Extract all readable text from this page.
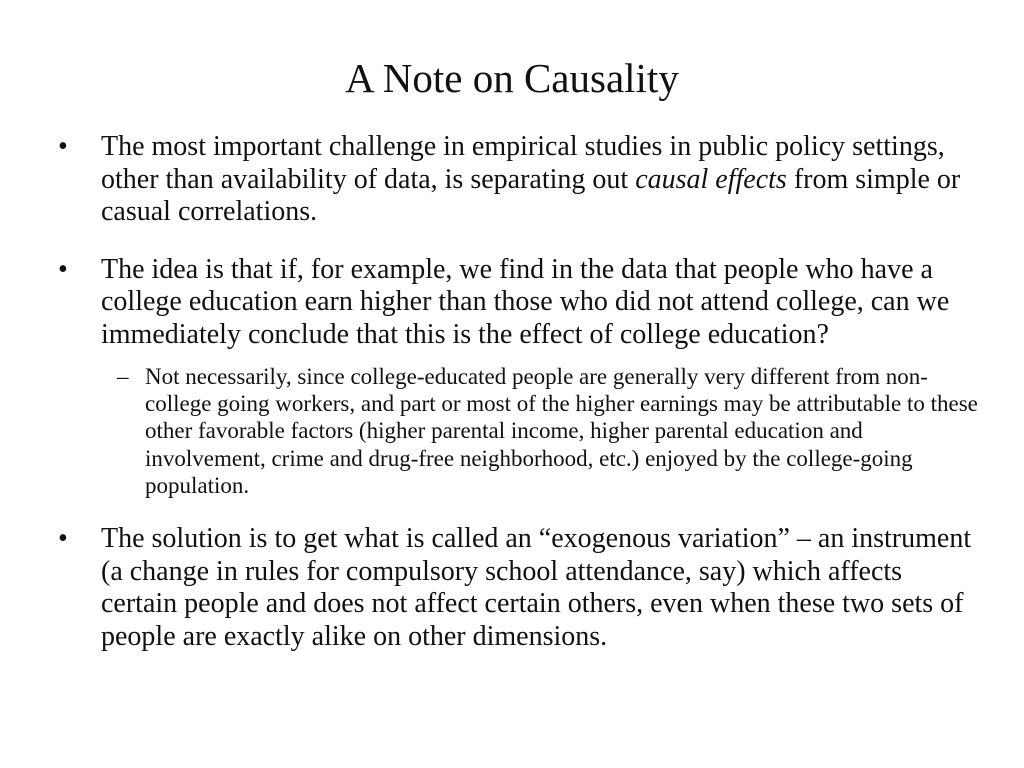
A Note on Causality

• The most important challenge in empirical studies in public policy settings, other than availability of data, is separating out causal effects from simple or casual correlations.

• The idea is that if, for example, we find in the data that people who have a college education earn higher than those who did not attend college, can we immediately conclude that this is the effect of college education?

– Not necessarily, since college-educated people are generally very different from non-college going workers, and part or most of the higher earnings may be attributable to these other favorable factors (higher parental income, higher parental education and involvement, crime and drug-free neighborhood, etc.) enjoyed by the college-going population.

• The solution is to get what is called an “exogenous variation” – an instrument (a change in rules for compulsory school attendance, say) which affects certain people and does not affect certain others, even when these two sets of people are exactly alike on other dimensions.
